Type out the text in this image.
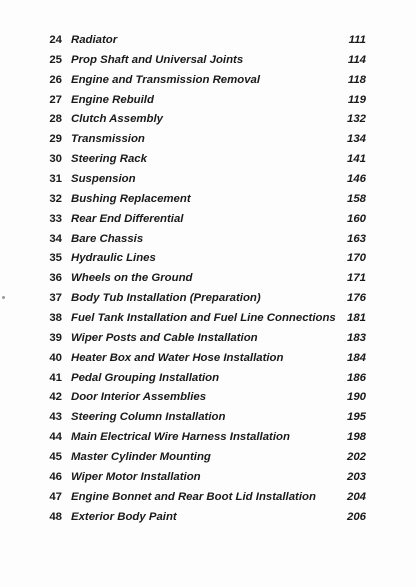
24 Radiator	111
25 Prop Shaft and Universal Joints	114
26 Engine and Transmission Removal	118
27 Engine Rebuild	119
28 Clutch Assembly	132
29 Transmission	134
30 Steering Rack	141
31 Suspension	146
32 Bushing Replacement	158
33 Rear End Differential	160
34 Bare Chassis	163
35 Hydraulic Lines	170
36 Wheels on the Ground	171
37 Body Tub Installation (Preparation)	176
38 Fuel Tank Installation and Fuel Line Connections 181
39 Wiper Posts and Cable Installation	183
40 Heater Box and Water Hose Installation	184
41 Pedal Grouping Installation	186
42 Door Interior Assemblies	190
43 Steering Column Installation	195
44 Main Electrical Wire Harness Installation	198
45 Master Cylinder Mounting	202
46 Wiper Motor Installation	203
47 Engine Bonnet and Rear Boot Lid Installation	204
48 Exterior Body Paint	206
